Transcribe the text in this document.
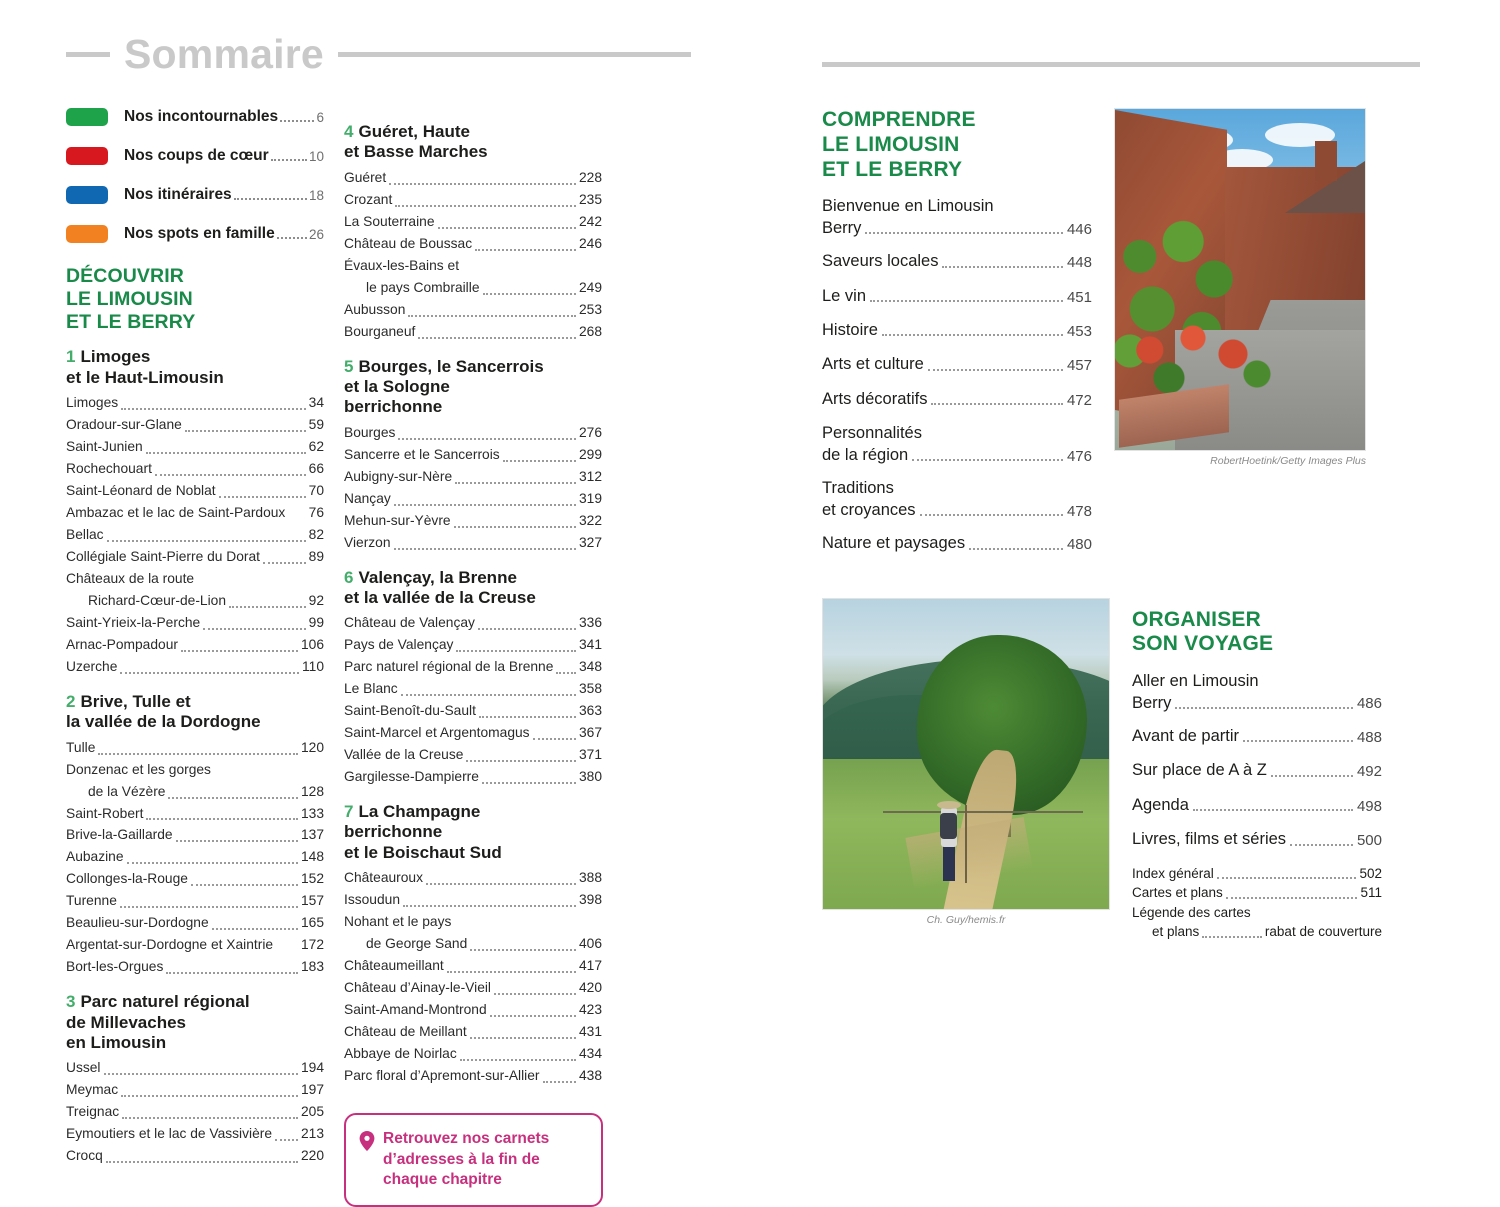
Sommaire
Nos incontournables	6
Nos coups de cœur	10
Nos itinéraires	18
Nos spots en famille	26
DÉCOUVRIR
LE LIMOUSIN
ET LE BERRY
1 Limoges
et le Haut-Limousin
Limoges	34
Oradour-sur-Glane	59
Saint-Junien	62
Rochechouart	66
Saint-Léonard de Noblat	70
Ambazac et le lac de Saint-Pardoux 76
Bellac	82
Collégiale Saint-Pierre du Dorat	89
Châteaux de la route
Richard-Cœur-de-Lion	92
Saint-Yrieix-la-Perche	99
Arnac-Pompadour	106
Uzerche	110
2 Brive, Tulle et
la vallée de la Dordogne
Tulle	120
Donzenac et les gorges
de la Vézère	128
Saint-Robert	133
Brive-la-Gaillarde	137
Aubazine	148
Collonges-la-Rouge	152
Turenne	157
Beaulieu-sur-Dordogne	165
Argentat-sur-Dordogne et Xaintrie 172
Bort-les-Orgues	183
3 Parc naturel régional
de Millevaches
en Limousin
Ussel	194
Meymac	197
Treignac	205
Eymoutiers et le lac de Vassivière 213
Crocq	220
4 Guéret, Haute
et Basse Marches
Guéret	228
Crozant	235
La Souterraine	242
Château de Boussac	246
Évaux-les-Bains et
le pays Combraille	249
Aubusson	253
Bourganeuf	268
5 Bourges, le Sancerrois
et la Sologne
berrichonne
Bourges	276
Sancerre et le Sancerrois	299
Aubigny-sur-Nère	312
Nançay	319
Mehun-sur-Yèvre	322
Vierzon	327
6 Valençay, la Brenne
et la vallée de la Creuse
Château de Valençay	336
Pays de Valençay	341
Parc naturel régional de la Brenne 348
Le Blanc	358
Saint-Benoît-du-Sault	363
Saint-Marcel et Argentomagus	367
Vallée de la Creuse	371
Gargilesse-Dampierre	380
7 La Champagne
berrichonne
et le Boischaut Sud
Châteauroux	388
Issoudun	398
Nohant et le pays
de George Sand	406
Châteaumeillant	417
Château d’Ainay-le-Vieil	420
Saint-Amand-Montrond	423
Château de Meillant	431
Abbaye de Noirlac	434
Parc floral d’Apremont-sur-Allier	438
Retrouvez nos carnets
d’adresses à la fin de
chaque chapitre
COMPRENDRE
LE LIMOUSIN
ET LE BERRY
Bienvenue en Limousin
Berry	446
Saveurs locales	448
Le vin	451
Histoire	453
Arts et culture	457
Arts décoratifs	472
Personnalités
de la région	476
Traditions
et croyances	478
Nature et paysages	480
RobertHoetink/Getty Images Plus
Ch. Guy/hemis.fr
ORGANISER
SON VOYAGE
Aller en Limousin
Berry	486
Avant de partir	488
Sur place de A à Z	492
Agenda	498
Livres, films et séries	500
Index général	502
Cartes et plans	511
Légende des cartes
et plans	rabat de couverture
